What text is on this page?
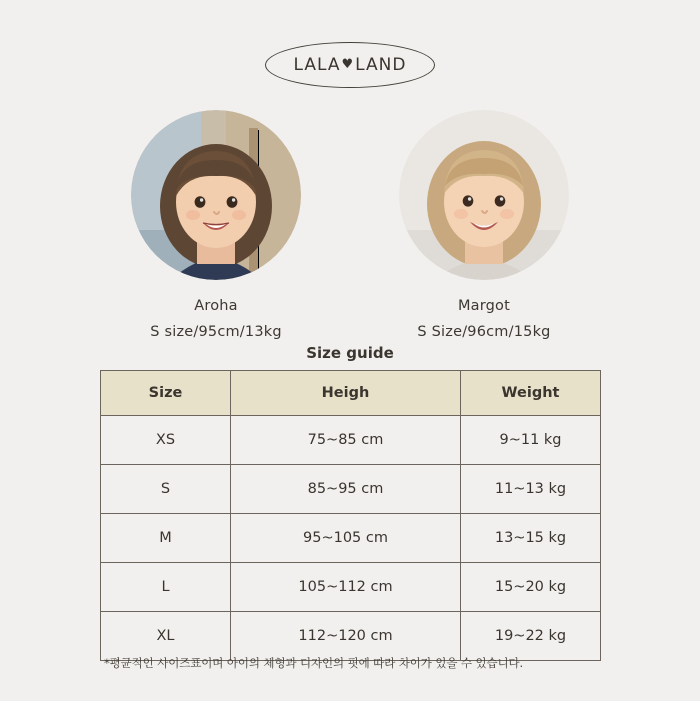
LALA ♥ LAND
Aroha
S size/95cm/13kg
Margot
S Size/96cm/15kg
Size guide
Size	Heigh	Weight
XS	75~85 cm	9~11 kg
S	85~95 cm	11~13 kg
M	95~105 cm	13~15 kg
L	105~112 cm	15~20 kg
XL	112~120 cm	19~22 kg
*평균적인 사이즈표이며 아이의 체형과 디자인의 핏에 따라 차이가 있을 수 있습니다.
